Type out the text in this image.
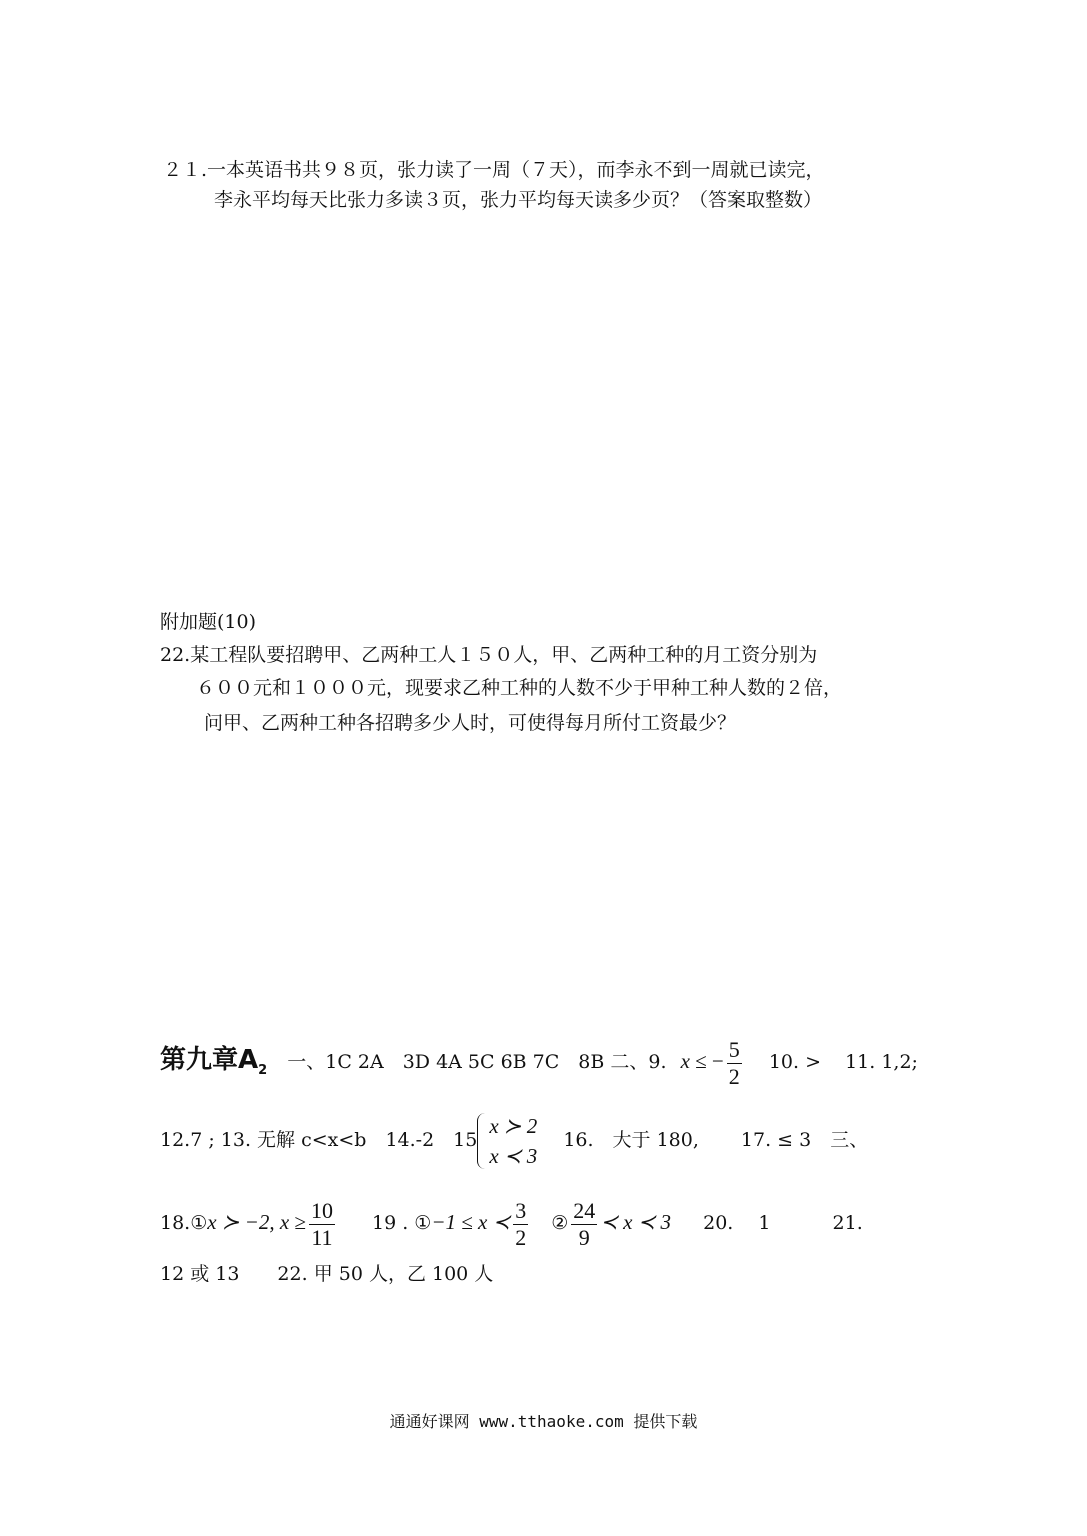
２１.一本英语书共９８页，张力读了一周（７天），而李永不到一周就已读完，
李永平均每天比张力多读３页，张力平均每天读多少页？（答案取整数）
附加题(10)
22.某工程队要招聘甲、乙两种工人１５０人，甲、乙两种工种的月工资分别为
６００元和１０００元，现要求乙种工种的人数不少于甲种工种人数的２倍，
问甲、乙两种工种各招聘多少人时，可使得每月所付工资最少？
第九章$A_2$ 一、1C 2A　3D 4A 5C 6B 7C　8B 二、9. x ≤ − $\frac{5}{2} 10$. > 11. 1,2;
12.7 ; 13. 无解 c<x<b　14.-2　15
x ≻ 2
x ≺ 3
16.　大于 180, 17. ≤ 3　三、
18.①x ≻ −2, $x \ge \frac{10}{11} 19$ . ①−1 ≤ x ≺ $\frac{3}{2}$ ② $\frac{24}{9}$ ≺ x ≺ 3 20.　 1	21.
12 或 13　　22. 甲 50 人，乙 100 人
通通好课网 www.tthaoke.com 提供下载
